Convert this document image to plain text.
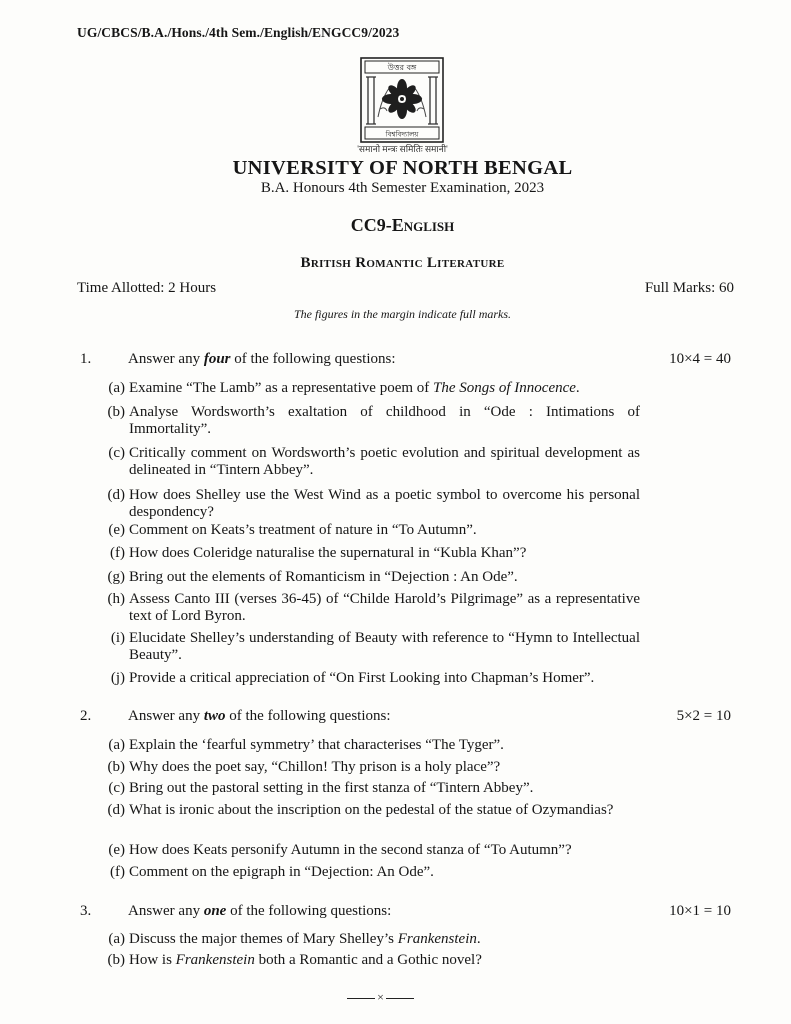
UG/CBCS/B.A./Hons./4th Sem./English/ENGCC9/2023
উত্তর বঙ্গ
বিশ্ববিদ্যালয়
'समानो मन्त्रः समितिः समानी'
UNIVERSITY OF NORTH BENGAL
B.A. Honours 4th Semester Examination, 2023
CC9-English
British Romantic Literature
Time Allotted: 2 Hours	Full Marks: 60
The figures in the margin indicate full marks.
1. Answer any four of the following questions:	10×4 = 40
(a) Examine “The Lamb” as a representative poem of The Songs of Innocence.
(b) Analyse Wordsworth’s exaltation of childhood in “Ode : Intimations of Immortality”.
(c) Critically comment on Wordsworth’s poetic evolution and spiritual development as delineated in “Tintern Abbey”.
(d) How does Shelley use the West Wind as a poetic symbol to overcome his personal despondency?
(e) Comment on Keats’s treatment of nature in “To Autumn”.
(f) How does Coleridge naturalise the supernatural in “Kubla Khan”?
(g) Bring out the elements of Romanticism in “Dejection : An Ode”.
(h) Assess Canto III (verses 36-45) of “Childe Harold’s Pilgrimage” as a representative text of Lord Byron.
(i) Elucidate Shelley’s understanding of Beauty with reference to “Hymn to Intellectual Beauty”.
(j) Provide a critical appreciation of “On First Looking into Chapman’s Homer”.
2. Answer any two of the following questions:	5×2 = 10
(a) Explain the ‘fearful symmetry’ that characterises “The Tyger”.
(b) Why does the poet say, “Chillon! Thy prison is a holy place”?
(c) Bring out the pastoral setting in the first stanza of “Tintern Abbey”.
(d) What is ironic about the inscription on the pedestal of the statue of Ozymandias?
(e) How does Keats personify Autumn in the second stanza of “To Autumn”?
(f) Comment on the epigraph in “Dejection: An Ode”.
3. Answer any one of the following questions:	10×1 = 10
(a) Discuss the major themes of Mary Shelley’s Frankenstein.
(b) How is Frankenstein both a Romantic and a Gothic novel?
×
